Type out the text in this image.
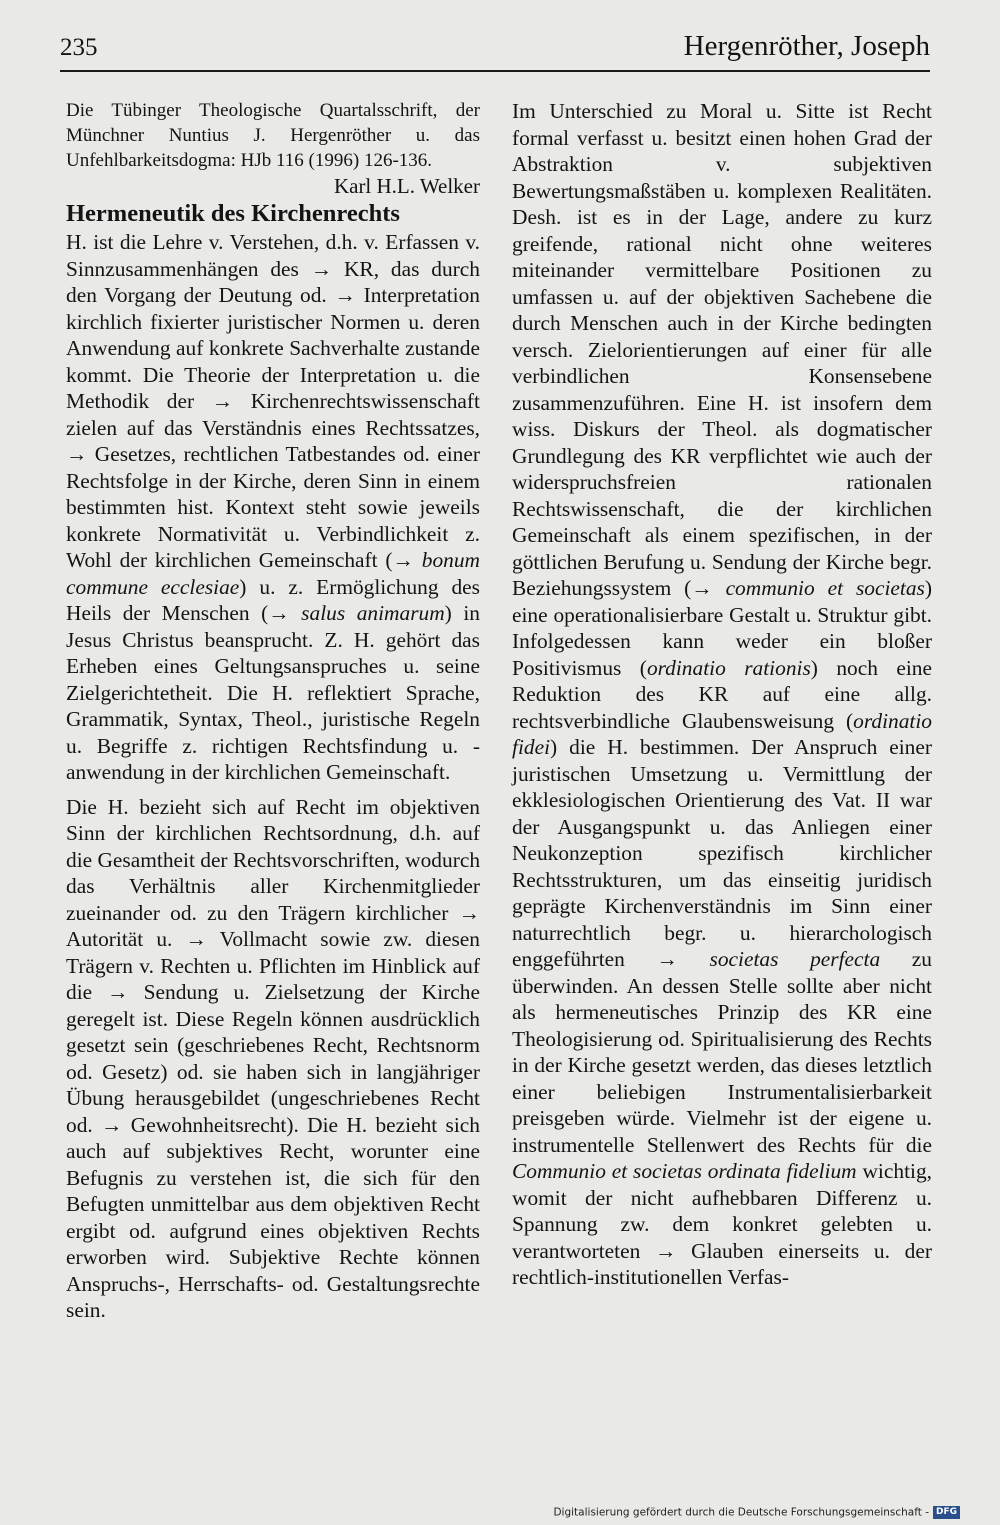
235	Hergenröther, Joseph

Die Tübinger Theologische Quartalsschrift, der Münchner Nuntius J. Hergenröther u. das Unfehlbarkeitsdogma: HJb 116 (1996) 126-136.

Karl H.L. Welker

Hermeneutik des Kirchenrechts

H. ist die Lehre v. Verstehen, d.h. v. Erfassen v. Sinnzusammenhängen des → KR, das durch den Vorgang der Deutung od. → Interpretation kirchlich fixierter juristischer Normen u. deren Anwendung auf konkrete Sachverhalte zustande kommt. Die Theorie der Interpretation u. die Methodik der → Kirchenrechtswissenschaft zielen auf das Verständnis eines Rechtssatzes, → Gesetzes, rechtlichen Tatbestandes od. einer Rechtsfolge in der Kirche, deren Sinn in einem bestimmten hist. Kontext steht sowie jeweils konkrete Normativität u. Verbindlichkeit z. Wohl der kirchlichen Gemeinschaft (→ bonum commune ecclesiae) u. z. Ermöglichung des Heils der Menschen (→ salus animarum) in Jesus Christus beansprucht. Z. H. gehört das Erheben eines Geltungsanspruches u. seine Zielgerichtetheit. Die H. reflektiert Sprache, Grammatik, Syntax, Theol., juristische Regeln u. Begriffe z. richtigen Rechtsfindung u. -anwendung in der kirchlichen Gemeinschaft.

Die H. bezieht sich auf Recht im objektiven Sinn der kirchlichen Rechtsordnung, d.h. auf die Gesamtheit der Rechtsvorschriften, wodurch das Verhältnis aller Kirchenmitglieder zueinander od. zu den Trägern kirchlicher → Autorität u. → Vollmacht sowie zw. diesen Trägern v. Rechten u. Pflichten im Hinblick auf die → Sendung u. Zielsetzung der Kirche geregelt ist. Diese Regeln können ausdrücklich gesetzt sein (geschriebenes Recht, Rechtsnorm od. Gesetz) od. sie haben sich in langjähriger Übung herausgebildet (ungeschriebenes Recht od. → Gewohnheitsrecht). Die H. bezieht sich auch auf subjektives Recht, worunter eine Befugnis zu verstehen ist, die sich für den Befugten unmittelbar aus dem objektiven Recht ergibt od. aufgrund eines objektiven Rechts erworben wird. Subjektive Rechte können Anspruchs-, Herrschafts- od. Gestaltungsrechte sein.

Im Unterschied zu Moral u. Sitte ist Recht formal verfasst u. besitzt einen hohen Grad der Abstraktion v. subjektiven Bewertungsmaßstäben u. komplexen Realitäten. Desh. ist es in der Lage, andere zu kurz greifende, rational nicht ohne weiteres miteinander vermittelbare Positionen zu umfassen u. auf der objektiven Sachebene die durch Menschen auch in der Kirche bedingten versch. Zielorientierungen auf einer für alle verbindlichen Konsensebene zusammenzuführen. Eine H. ist insofern dem wiss. Diskurs der Theol. als dogmatischer Grundlegung des KR verpflichtet wie auch der widerspruchsfreien rationalen Rechtswissenschaft, die der kirchlichen Gemeinschaft als einem spezifischen, in der göttlichen Berufung u. Sendung der Kirche begr. Beziehungssystem (→ communio et societas) eine operationalisierbare Gestalt u. Struktur gibt. Infolgedessen kann weder ein bloßer Positivismus (ordinatio rationis) noch eine Reduktion des KR auf eine allg. rechtsverbindliche Glaubensweisung (ordinatio fidei) die H. bestimmen. Der Anspruch einer juristischen Umsetzung u. Vermittlung der ekklesiologischen Orientierung des Vat. II war der Ausgangspunkt u. das Anliegen einer Neukonzeption spezifisch kirchlicher Rechtsstrukturen, um das einseitig juridisch geprägte Kirchenverständnis im Sinn einer naturrechtlich begr. u. hierarchologisch enggeführten → societas perfecta zu überwinden. An dessen Stelle sollte aber nicht als hermeneutisches Prinzip des KR eine Theologisierung od. Spiritualisierung des Rechts in der Kirche gesetzt werden, das dieses letztlich einer beliebigen Instrumentalisierbarkeit preisgeben würde. Vielmehr ist der eigene u. instrumentelle Stellenwert des Rechts für die Communio et societas ordinata fidelium wichtig, womit der nicht aufhebbaren Differenz u. Spannung zw. dem konkret gelebten u. verantworteten → Glauben einerseits u. der rechtlich-institutionellen Verfas-

Digitalisierung gefördert durch die Deutsche Forschungsgemeinschaft - DFG
